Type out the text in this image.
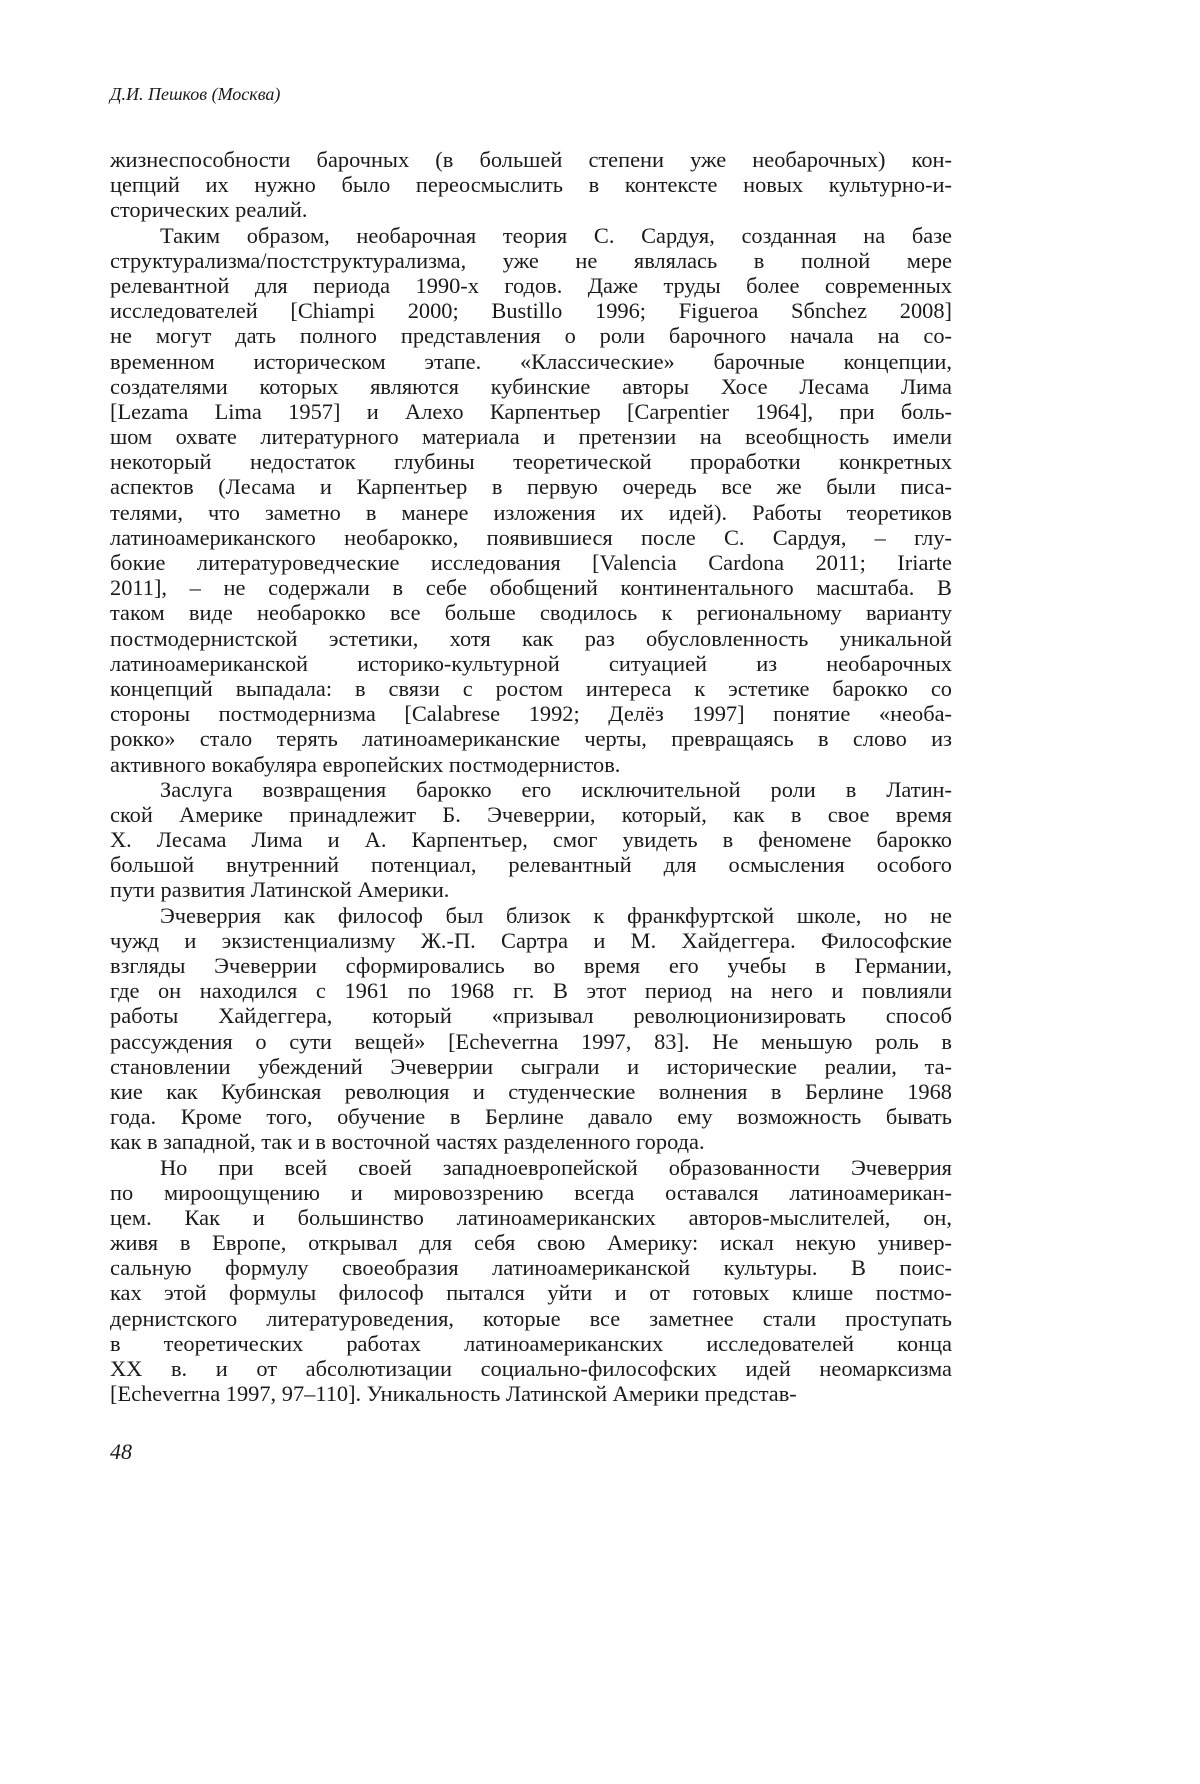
Д.И. Пешков (Москва)
жизнеспособности барочных (в большей степени уже необарочных) кон-
цепций их нужно было переосмыслить в контексте новых культурно-и-
сторических реалий.
Таким образом, необарочная теория С. Сардуя, созданная на базе
структурализма/постструктурализма, уже не являлась в полной мере
релевантной для периода 1990-х годов. Даже труды более современных
исследователей [Chiampi 2000; Bustillo 1996; Figueroa Sбnchez 2008]
не могут дать полного представления о роли барочного начала на со-
временном историческом этапе. «Классические» барочные концепции,
создателями которых являются кубинские авторы Хосе Лесама Лима
[Lezama Lima 1957] и Алехо Карпентьер [Carpentier 1964], при боль-
шом охвате литературного материала и претензии на всеобщность имели
некоторый недостаток глубины теоретической проработки конкретных
аспектов (Лесама и Карпентьер в первую очередь все же были писа-
телями, что заметно в манере изложения их идей). Работы теоретиков
латиноамериканского необарокко, появившиеся после С. Сардуя, – глу-
бокие литературоведческие исследования [Valencia Cardona 2011; Iriarte
2011], – не содержали в себе обобщений континентального масштаба. В
таком виде необарокко все больше сводилось к региональному варианту
постмодернистской эстетики, хотя как раз обусловленность уникальной
латиноамериканской историко-культурной ситуацией из необарочных
концепций выпадала: в связи с ростом интереса к эстетике барокко со
стороны постмодернизма [Calabrese 1992; Делёз 1997] понятие «необа-
рокко» стало терять латиноамериканские черты, превращаясь в слово из
активного вокабуляра европейских постмодернистов.
Заслуга возвращения барокко его исключительной роли в Латин-
ской Америке принадлежит Б. Эчеверрии, который, как в свое время
Х. Лесама Лима и А. Карпентьер, смог увидеть в феномене барокко
большой внутренний потенциал, релевантный для осмысления особого
пути развития Латинской Америки.
Эчеверрия как философ был близок к франкфуртской школе, но не
чужд и экзистенциализму Ж.-П. Сартра и М. Хайдеггера. Философские
взгляды Эчеверрии сформировались во время его учебы в Германии,
где он находился с 1961 по 1968 гг. В этот период на него и повлияли
работы Хайдеггера, который «призывал революционизировать способ
рассуждения о сути вещей» [Echeverrнa 1997, 83]. Не меньшую роль в
становлении убеждений Эчеверрии сыграли и исторические реалии, та-
кие как Кубинская революция и студенческие волнения в Берлине 1968
года. Кроме того, обучение в Берлине давало ему возможность бывать
как в западной, так и в восточной частях разделенного города.
Но при всей своей западноевропейской образованности Эчеверрия
по мироощущению и мировоззрению всегда оставался латиноамерикан-
цем. Как и большинство латиноамериканских авторов-мыслителей, он,
живя в Европе, открывал для себя свою Америку: искал некую универ-
сальную формулу своеобразия латиноамериканской культуры. В поис-
ках этой формулы философ пытался уйти и от готовых клише постмо-
дернистского литературоведения, которые все заметнее стали проступать
в теоретических работах латиноамериканских исследователей конца
XX в. и от абсолютизации социально-философских идей неомарксизма
[Echeverrнa 1997, 97–110]. Уникальность Латинской Америки представ-
48
